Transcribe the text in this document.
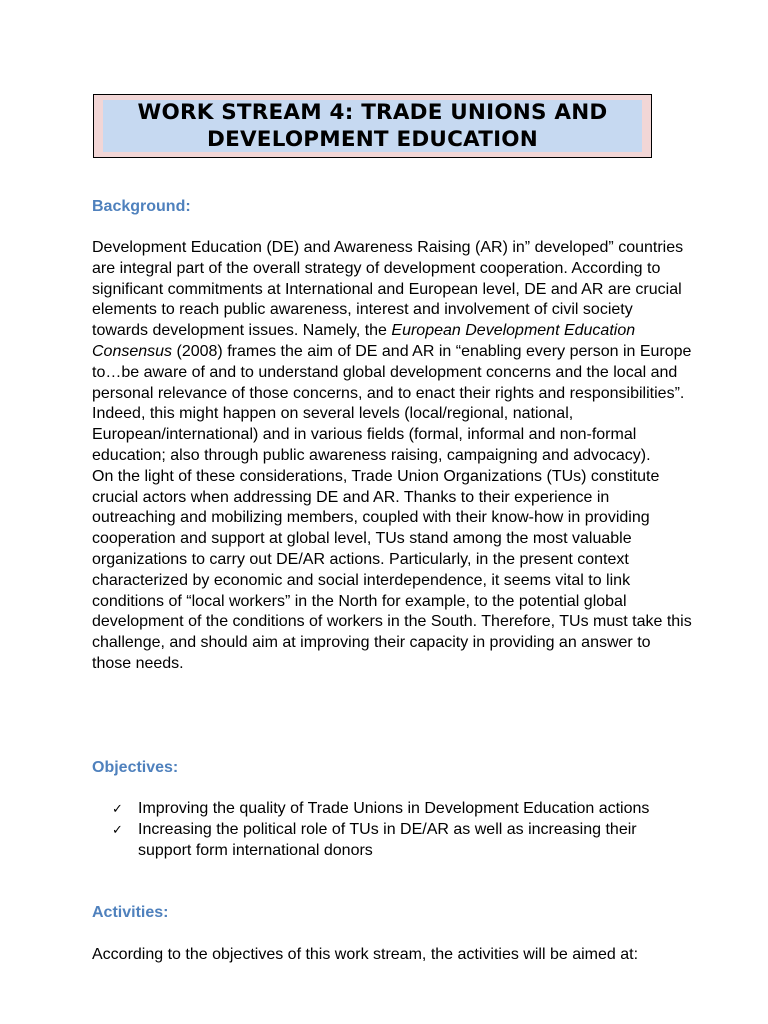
WORK STREAM 4: TRADE UNIONS AND
DEVELOPMENT EDUCATION
Background:

Development Education (DE) and Awareness Raising (AR) in” developed” countries are integral part of the overall strategy of development cooperation. According to significant commitments at International and European level, DE and AR are crucial elements to reach public awareness, interest and involvement of civil society towards development issues. Namely, the European Development Education Consensus (2008) frames the aim of DE and AR in “enabling every person in Europe to…be aware of and to understand global development concerns and the local and personal relevance of those concerns, and to enact their rights and responsibilities”. Indeed, this might happen on several levels (local/regional, national, European/international) and in various fields (formal, informal and non-formal education; also through public awareness raising, campaigning and advocacy).

On the light of these considerations, Trade Union Organizations (TUs) constitute crucial actors when addressing DE and AR. Thanks to their experience in outreaching and mobilizing members, coupled with their know-how in providing cooperation and support at global level, TUs stand among the most valuable organizations to carry out DE/AR actions. Particularly, in the present context characterized by economic and social interdependence, it seems vital to link conditions of “local workers” in the North for example, to the potential global development of the conditions of workers in the South. Therefore, TUs must take this challenge, and should aim at improving their capacity in providing an answer to those needs.

Objectives:
✓ Improving the quality of Trade Unions in Development Education actions
✓ Increasing the political role of TUs in DE/AR as well as increasing their support form international donors
Activities:
According to the objectives of this work stream, the activities will be aimed at:
